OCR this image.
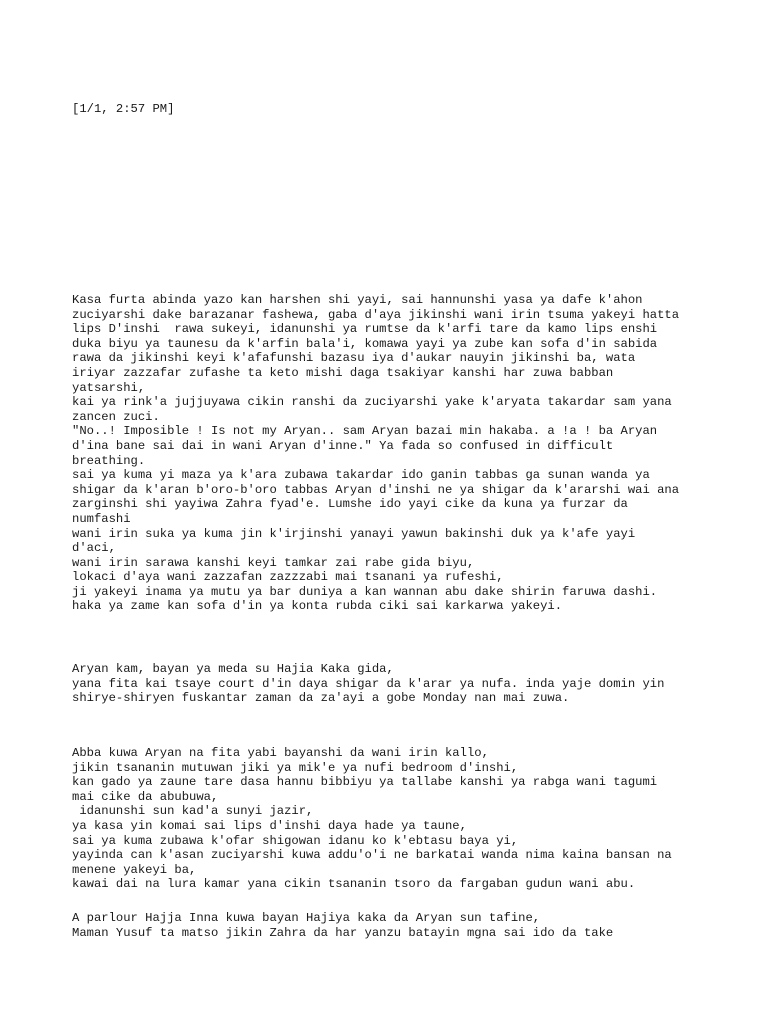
[1/1, 2:57 PM]

Kasa furta abinda yazo kan harshen shi yayi, sai hannunshi yasa ya dafe k'ahon
zuciyarshi dake barazanar fashewa, gaba d'aya jikinshi wani irin tsuma yakeyi hatta
lips D'inshi  rawa sukeyi, idanunshi ya rumtse da k'arfi tare da kamo lips enshi
duka biyu ya taunesu da k'arfin bala'i, komawa yayi ya zube kan sofa d'in sabida
rawa da jikinshi keyi k'afafunshi bazasu iya d'aukar nauyin jikinshi ba, wata
iriyar zazzafar zufashe ta keto mishi daga tsakiyar kanshi har zuwa babban
yatsarshi,
kai ya rink'a jujjuyawa cikin ranshi da zuciyarshi yake k'aryata takardar sam yana
zancen zuci.
"No..! Imposible ! Is not my Aryan.. sam Aryan bazai min hakaba. a !a ! ba Aryan
d'ina bane sai dai in wani Aryan d'inne." Ya fada so confused in difficult
breathing.
sai ya kuma yi maza ya k'ara zubawa takardar ido ganin tabbas ga sunan wanda ya
shigar da k'aran b'oro-b'oro tabbas Aryan d'inshi ne ya shigar da k'ararshi wai ana
zarginshi shi yayiwa Zahra fyad'e. Lumshe ido yayi cike da kuna ya furzar da
numfashi
wani irin suka ya kuma jin k'irjinshi yanayi yawun bakinshi duk ya k'afe yayi
d'aci,
wani irin sarawa kanshi keyi tamkar zai rabe gida biyu,
lokaci d'aya wani zazzafan zazzzabi mai tsanani ya rufeshi,
ji yakeyi inama ya mutu ya bar duniya a kan wannan abu dake shirin faruwa dashi.
haka ya zame kan sofa d'in ya konta rubda ciki sai karkarwa yakeyi.
Aryan kam, bayan ya meda su Hajia Kaka gida,
yana fita kai tsaye court d'in daya shigar da k'arar ya nufa. inda yaje domin yin
shirye-shiryen fuskantar zaman da za'ayi a gobe Monday nan mai zuwa.
Abba kuwa Aryan na fita yabi bayanshi da wani irin kallo,
jikin tsananin mutuwan jiki ya mik'e ya nufi bedroom d'inshi,
kan gado ya zaune tare dasa hannu bibbiyu ya tallabe kanshi ya rabga wani tagumi
mai cike da abubuwa,
idanunshi sun kad'a sunyi jazir,
ya kasa yin komai sai lips d'inshi daya hade ya taune,
sai ya kuma zubawa k'ofar shigowan idanu ko k'ebtasu baya yi,
yayinda can k'asan zuciyarshi kuwa addu'o'i ne barkatai wanda nima kaina bansan na
menene yakeyi ba,
kawai dai na lura kamar yana cikin tsananin tsoro da fargaban gudun wani abu.
A parlour Hajja Inna kuwa bayan Hajiya kaka da Aryan sun tafine,
Maman Yusuf ta matso jikin Zahra da har yanzu batayin mgna sai ido da take
